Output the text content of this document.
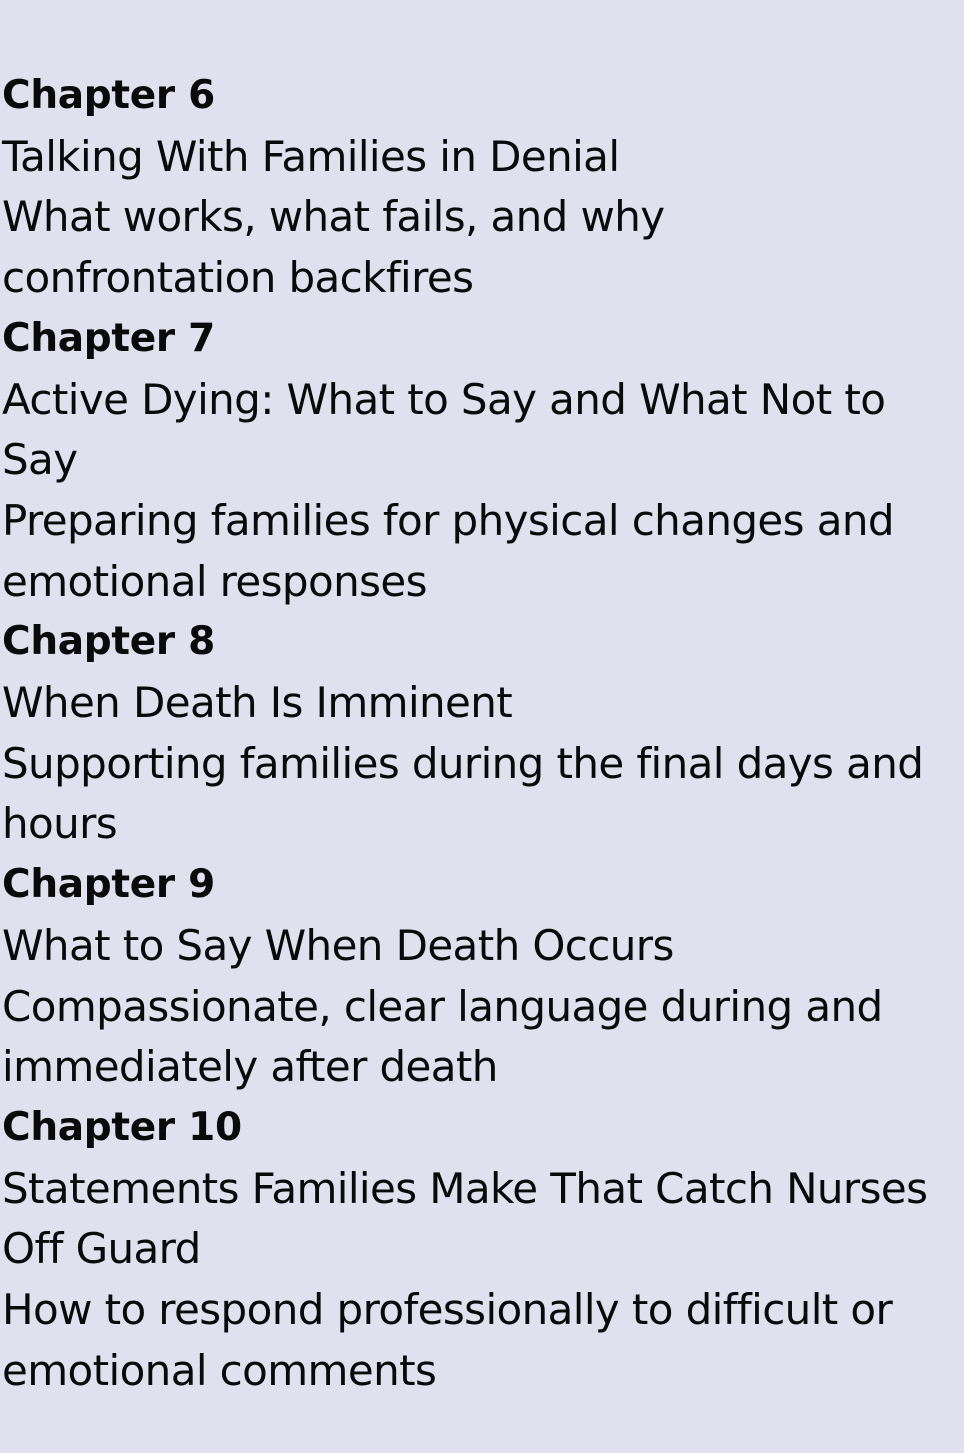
Chapter 6

Talking With Families in Denial

What works, what fails, and why

confrontation backfires

Chapter 7

Active Dying: What to Say and What Not to

Say

Preparing families for physical changes and

emotional responses

Chapter 8

When Death Is Imminent

Supporting families during the final days and

hours

Chapter 9

What to Say When Death Occurs

Compassionate, clear language during and

immediately after death

Chapter 10

Statements Families Make That Catch Nurses

Off Guard

How to respond professionally to difficult or

emotional comments
